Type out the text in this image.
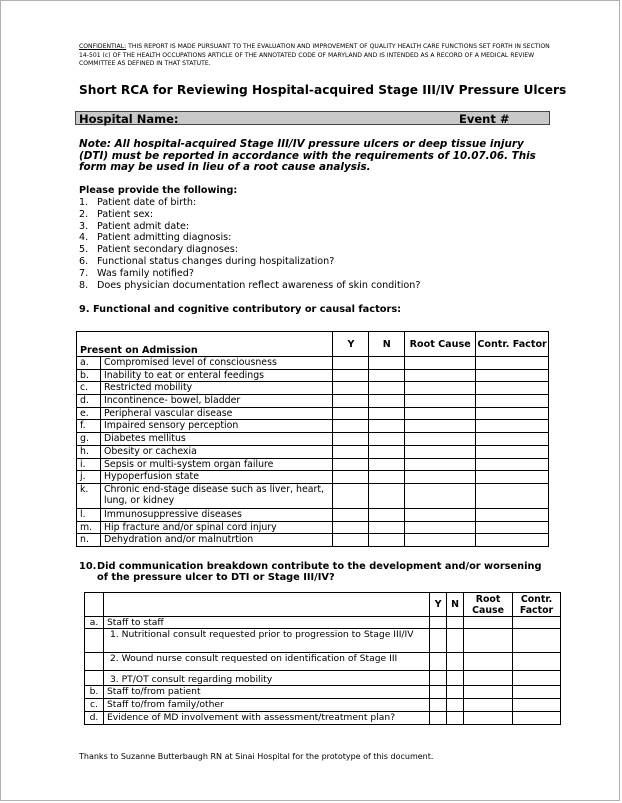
CONFIDENTIAL: THIS REPORT IS MADE PURSUANT TO THE EVALUATION AND IMPROVEMENT OF QUALITY HEALTH CARE FUNCTIONS SET FORTH IN SECTION 14-501 (c) OF THE HEALTH OCCUPATIONS ARTICLE OF THE ANNOTATED CODE OF MARYLAND AND IS INTENDED AS A RECORD OF A MEDICAL REVIEW COMMITTEE AS DEFINED IN THAT STATUTE.
Short RCA for Reviewing Hospital-acquired Stage III/IV Pressure Ulcers
Hospital Name:	Event #
Note: All hospital-acquired Stage III/IV pressure ulcers or deep tissue injury (DTI) must be reported in accordance with the requirements of 10.07.06. This form may be used in lieu of a root cause analysis.
Please provide the following:
1. Patient date of birth:
2. Patient sex:
3. Patient admit date:
4. Patient admitting diagnosis:
5. Patient secondary diagnoses:
6. Functional status changes during hospitalization?
7. Was family notified?
8. Does physician documentation reflect awareness of skin condition?
9. Functional and cognitive contributory or causal factors:
Present on Admission		Y	N	Root Cause	Contr. Factor
a.	Compromised level of consciousness				
b.	Inability to eat or enteral feedings				
c.	Restricted mobility				
d.	Incontinence- bowel, bladder				
e.	Peripheral vascular disease				
f.	Impaired sensory perception				
g.	Diabetes mellitus				
h.	Obesity or cachexia				
i.	Sepsis or multi-system organ failure				
j.	Hypoperfusion state				
k.	Chronic end-stage disease such as liver, heart, lung, or kidney				
l.	Immunosuppressive diseases				
m.	Hip fracture and/or spinal cord injury				
n.	Dehydration and/or malnutrtion				
10. Did communication breakdown contribute to the development and/or worsening of the pressure ulcer to DTI or Stage III/IV?
		Y	N	Root Cause	Contr. Factor
a.	Staff to staff				
	1. Nutritional consult requested prior to progression to Stage III/IV				
	2. Wound nurse consult requested on identification of Stage III				
	3. PT/OT consult regarding mobility				
b.	Staff to/from patient				
c.	Staff to/from family/other				
d.	Evidence of MD involvement with assessment/treatment plan?				
Thanks to Suzanne Butterbaugh RN at Sinai Hospital for the prototype of this document.
